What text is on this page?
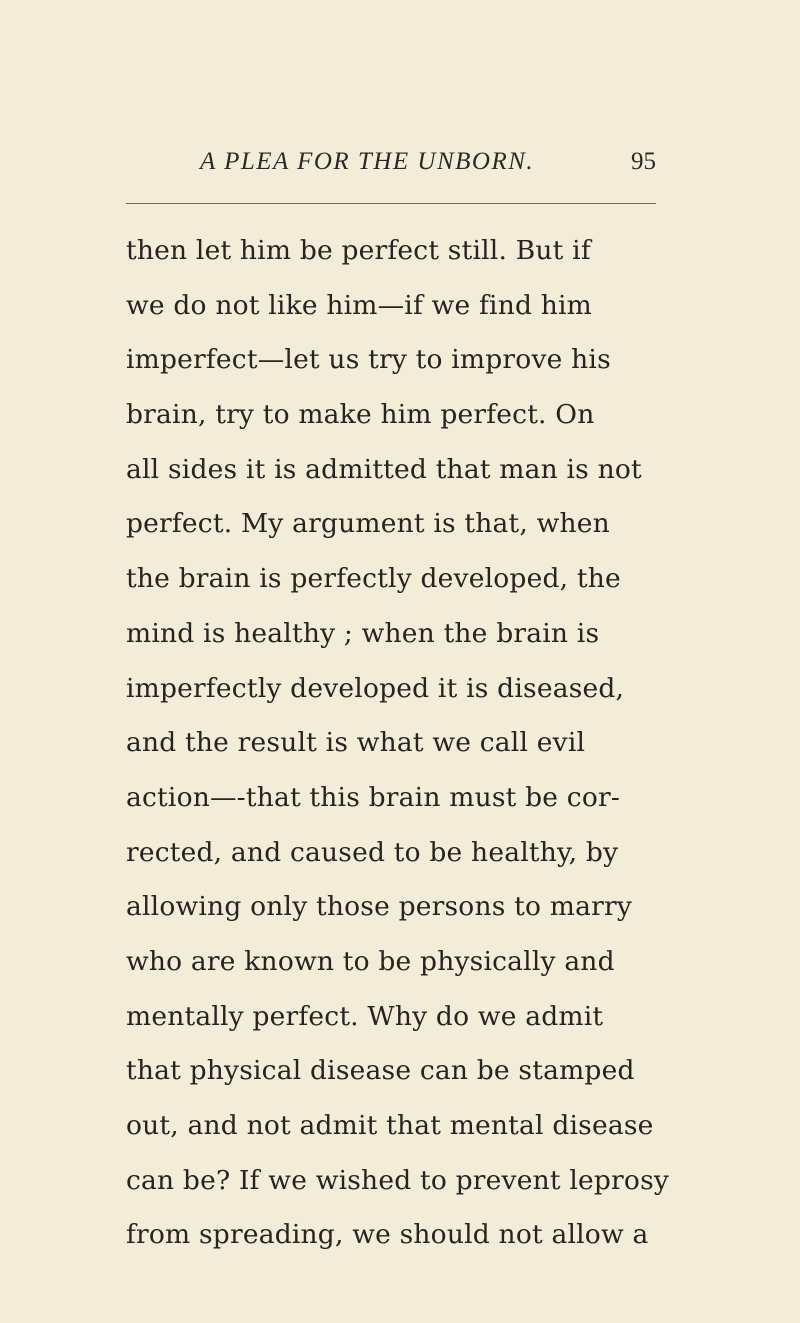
A PLEA FOR THE UNBORN.	95
then let him be perfect still. But if
we do not like him—if we find him
imperfect—let us try to improve his
brain, try to make him perfect. On
all sides it is admitted that man is not
perfect. My argument is that, when
the brain is perfectly developed, the
mind is healthy ; when the brain is
imperfectly developed it is diseased,
and the result is what we call evil
action—-that this brain must be cor-
rected, and caused to be healthy, by
allowing only those persons to marry
who are known to be physically and
mentally perfect. Why do we admit
that physical disease can be stamped
out, and not admit that mental disease
can be? If we wished to prevent leprosy
from spreading, we should not allow a
